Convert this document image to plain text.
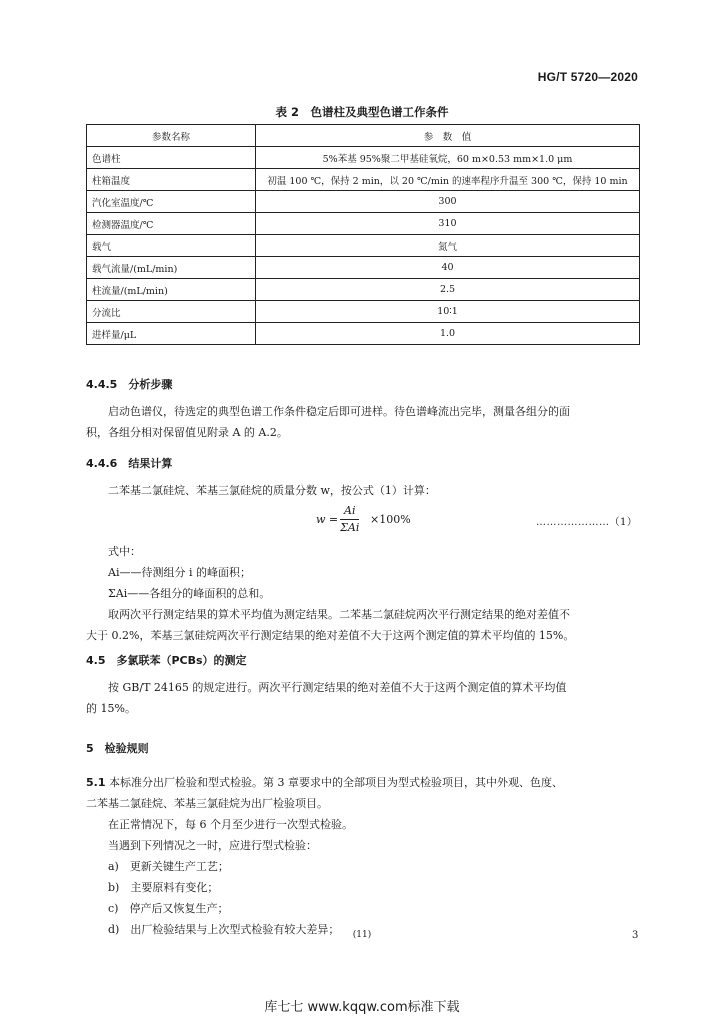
HG/T 5720—2020
表 2　色谱柱及典型色谱工作条件
参数名称	参　数　值
色谱柱	5%苯基 95%聚二甲基硅氧烷，60 m×0.53 mm×1.0 μm
柱箱温度	初温 100 ℃，保持 2 min，以 20 ℃/min 的速率程序升温至 300 ℃，保持 10 min
汽化室温度/℃	300
检测器温度/℃	310
载气	氮气
载气流量/(mL/min)	40
柱流量/(mL/min)	2.5
分流比	10∶1
进样量/μL	1.0
4.4.5　分析步骤
启动色谱仪，待选定的典型色谱工作条件稳定后即可进样。待色谱峰流出完毕，测量各组分的面
积，各组分相对保留值见附录 A 的 A.2。
4.4.6　结果计算
二苯基二氯硅烷、苯基三氯硅烷的质量分数 w，按公式（1）计算：
w =
Ai
ΣAi
×100%	…………………（1）
式中：
Ai——待测组分 i 的峰面积；
ΣAi——各组分的峰面积的总和。
取两次平行测定结果的算术平均值为测定结果。二苯基二氯硅烷两次平行测定结果的绝对差值不
大于 0.2%，苯基三氯硅烷两次平行测定结果的绝对差值不大于这两个测定值的算术平均值的 15%。
4.5　多氯联苯（PCBs）的测定
按 GB/T 24165 的规定进行。两次平行测定结果的绝对差值不大于这两个测定值的算术平均值
的 15%。
5　检验规则
5.1 本标准分出厂检验和型式检验。第 3 章要求中的全部项目为型式检验项目，其中外观、色度、
二苯基二氯硅烷、苯基三氯硅烷为出厂检验项目。
在正常情况下，每 6 个月至少进行一次型式检验。
当遇到下列情况之一时，应进行型式检验：
a)　更新关键生产工艺；
b)　主要原料有变化；
c)　停产后又恢复生产；
d)　出厂检验结果与上次型式检验有较大差异；	(11)	3
库七七 www.kqqw.com标准下载
